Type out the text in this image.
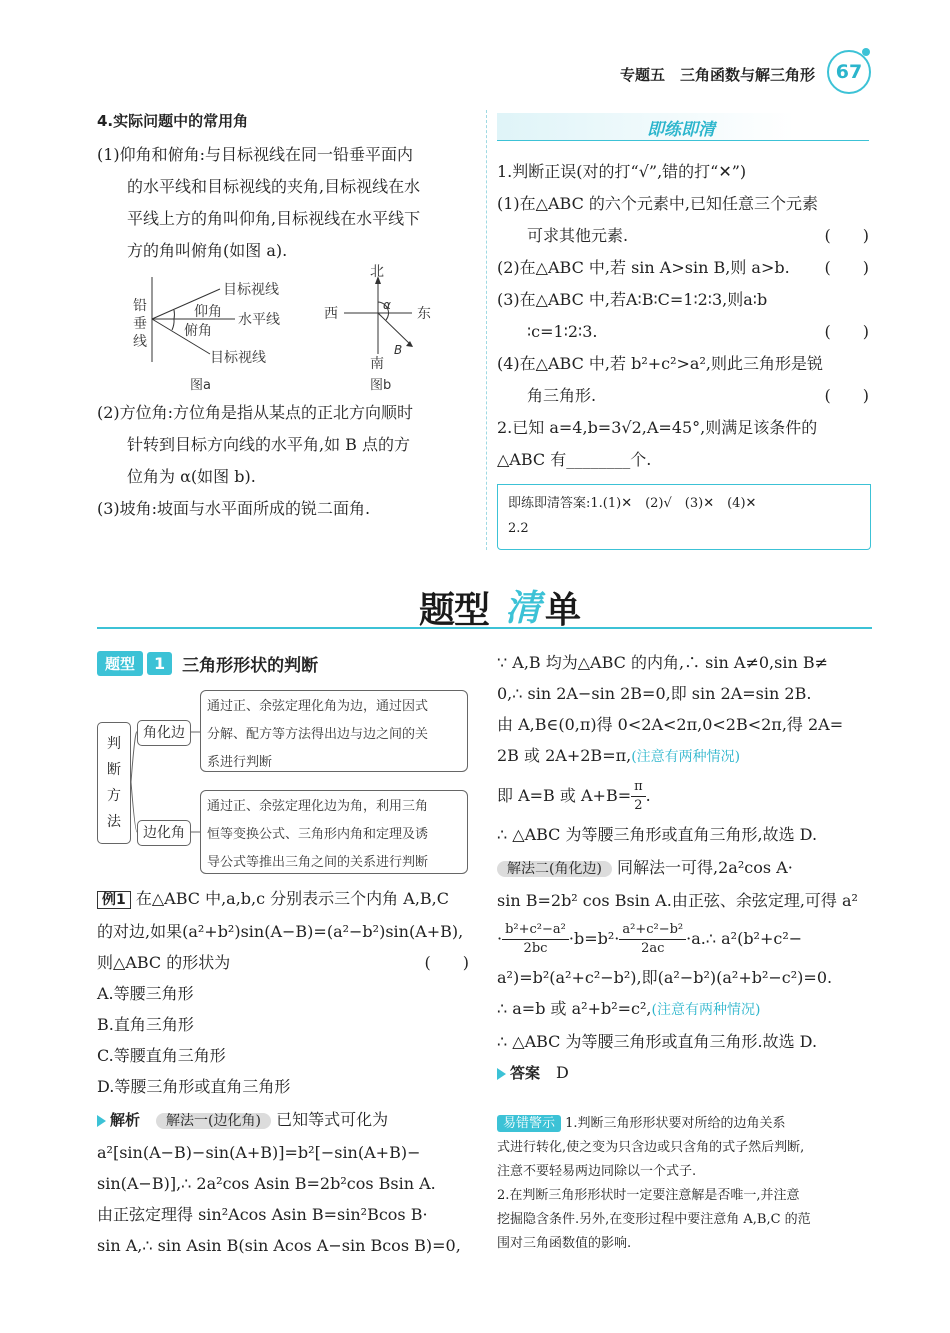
专题五　三角函数与解三角形	67

4.实际问题中的常用角

(1)仰角和俯角:与目标视线在同一铅垂平面内

的水平线和目标视线的夹角,目标视线在水

平线上方的角叫仰角,目标视线在水平线下

方的角叫俯角(如图 a).

铅
垂
线
目标视线
仰角 水平线
俯角
目标视线
图a
北
西	东
α
B
南
图b

(2)方位角:方位角是指从某点的正北方向顺时

针转到目标方向线的水平角,如 B 点的方

位角为 α(如图 b).

(3)坡角:坡面与水平面所成的锐二面角.

即练即清

1.判断正误(对的打“√”,错的打“✕”)

(1)在△ABC 的六个元素中,已知任意三个元素

可求其他元素.	(　　)

(2)在△ABC 中,若 sin A>sin B,则 a>b. (　　)

(3)在△ABC 中,若A∶B∶C=1∶2∶3,则a∶b

∶c=1∶2∶3.	(　　)

(4)在△ABC 中,若 b²+c²>a²,则此三角形是锐

角三角形.	(　　)

2.已知 a=4,b=3√2,A=45°,则满足该条件的

△ABC 有________个.

即练即清答案:1.(1)✕　(2)√　(3)✕　(4)✕
2.2
题型 清 单
题型	1	三角形形状的判断
判
断
方
法
角化边
边化角
通过正、余弦定理化角为边，通过因式
分解、配方等方法得出边与边之间的关
系进行判断
通过正、余弦定理化边为角，利用三角
恒等变换公式、三角形内角和定理及诱
导公式等推出三角之间的关系进行判断

例1 在△ABC 中,a,b,c 分别表示三个内角 A,B,C

的对边,如果(a²+b²)sin(A−B)=(a²−b²)sin(A+B),

则△ABC 的形状为	(　　)

A.等腰三角形

B.直角三角形

C.等腰直角三角形

D.等腰三角形或直角三角形

解析　 解法一(边化角) 已知等式可化为

a²[sin(A−B)−sin(A+B)]=b²[−sin(A+B)−

sin(A−B)],∴ 2a²cos Asin B=2b²cos Bsin A.

由正弦定理得 sin²Acos Asin B=sin²Bcos B·

sin A,∴ sin Asin B(sin Acos A−sin Bcos B)=0,

∵ A,B 均为△ABC 的内角,∴ sin A≠0,sin B≠

0,∴ sin 2A−sin 2B=0,即 sin 2A=sin 2B.

由 A,B∈(0,π)得 0<2A<2π,0<2B<2π,得 2A=

2B 或 2A+2B=π,(注意有两种情况)

即 A=B 或 $A+B= \frac{\pi}{2}$ .

∴ △ABC 为等腰三角形或直角三角形,故选 D.

解法二(角化边) 同解法一可得,2a²cos A·

sin B=2b² cos Bsin A.由正弦、余弦定理,可得 a²

· $\frac{\text{b²+c²−a²}}{2bc} \cdot b=b^2\cdot \frac{\text{a²+c²−b²}}{2ac}$ ·a.∴ a²(b²+c²−

a²)=b²(a²+c²−b²),即(a²−b²)(a²+b²−c²)=0.

∴ a=b 或 a²+b²=c²,(注意有两种情况)

∴ △ABC 为等腰三角形或直角三角形.故选 D.

答案　 D

易错警示 1.判断三角形形状要对所给的边角关系
式进行转化,使之变为只含边或只含角的式子然后判断,
注意不要轻易两边同除以一个式子.
2.在判断三角形形状时一定要注意解是否唯一,并注意
挖掘隐含条件.另外,在变形过程中要注意角 A,B,C 的范
围对三角函数值的影响.
